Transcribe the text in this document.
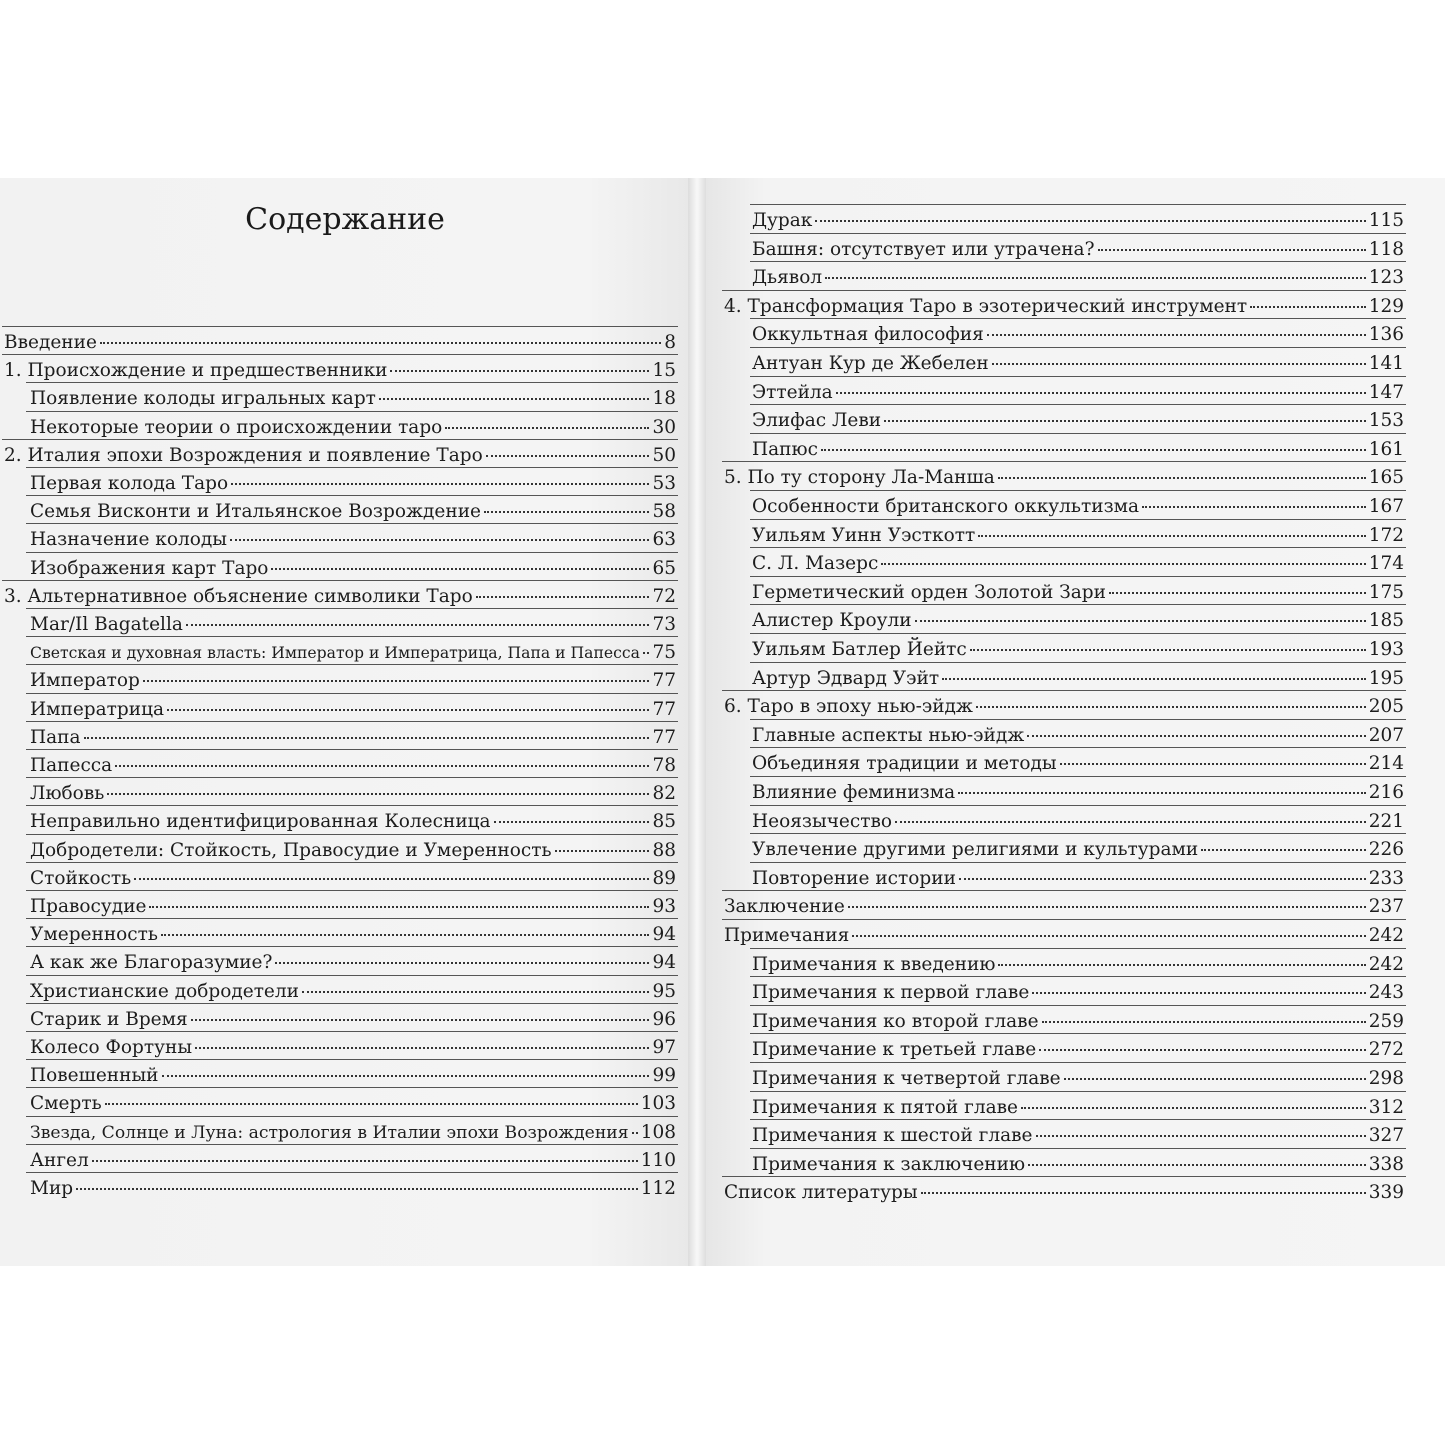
Содержание
Введение	8
1. Происхождение и предшественники	15
Появление колоды игральных карт	18
Некоторые теории о происхождении таро	30
2. Италия эпохи Возрождения и появление Таро	50
Первая колода Таро	53
Семья Висконти и Итальянское Возрождение	58
Назначение колоды	63
Изображения карт Таро	65
3. Альтернативное объяснение символики Таро	72
Mar/Il Bagatella	73
Светская и духовная власть: Император и Императрица, Папа и Папесса 75
Император	77
Императрица	77
Папа	77
Папесса	78
Любовь	82
Неправильно идентифицированная Колесница	85
Добродетели: Стойкость, Правосудие и Умеренность	88
Стойкость	89
Правосудие	93
Умеренность	94
А как же Благоразумие?	94
Христианские добродетели	95
Старик и Время	96
Колесо Фортуны	97
Повешенный	99
Смерть	103
Звезда, Солнце и Луна: астрология в Италии эпохи Возрождения 108
Ангел	110
Мир	112
Дурак	115
Башня: отсутствует или утрачена?	118
Дьявол	123
4. Трансформация Таро в эзотерический инструмент	129
Оккультная философия	136
Антуан Кур де Жебелен	141
Эттейла	147
Элифас Леви	153
Папюс	161
5. По ту сторону Ла-Манша	165
Особенности британского оккультизма	167
Уильям Уинн Уэсткотт	172
С. Л. Мазерс	174
Герметический орден Золотой Зари	175
Алистер Кроули	185
Уильям Батлер Йейтс	193
Артур Эдвард Уэйт	195
6. Таро в эпоху нью-эйдж	205
Главные аспекты нью-эйдж	207
Объединяя традиции и методы	214
Влияние феминизма	216
Неоязычество	221
Увлечение другими религиями и культурами	226
Повторение истории	233
Заключение	237
Примечания	242
Примечания к введению	242
Примечания к первой главе	243
Примечания ко второй главе	259
Примечание к третьей главе	272
Примечания к четвертой главе	298
Примечания к пятой главе	312
Примечания к шестой главе	327
Примечания к заключению	338
Список литературы	339
